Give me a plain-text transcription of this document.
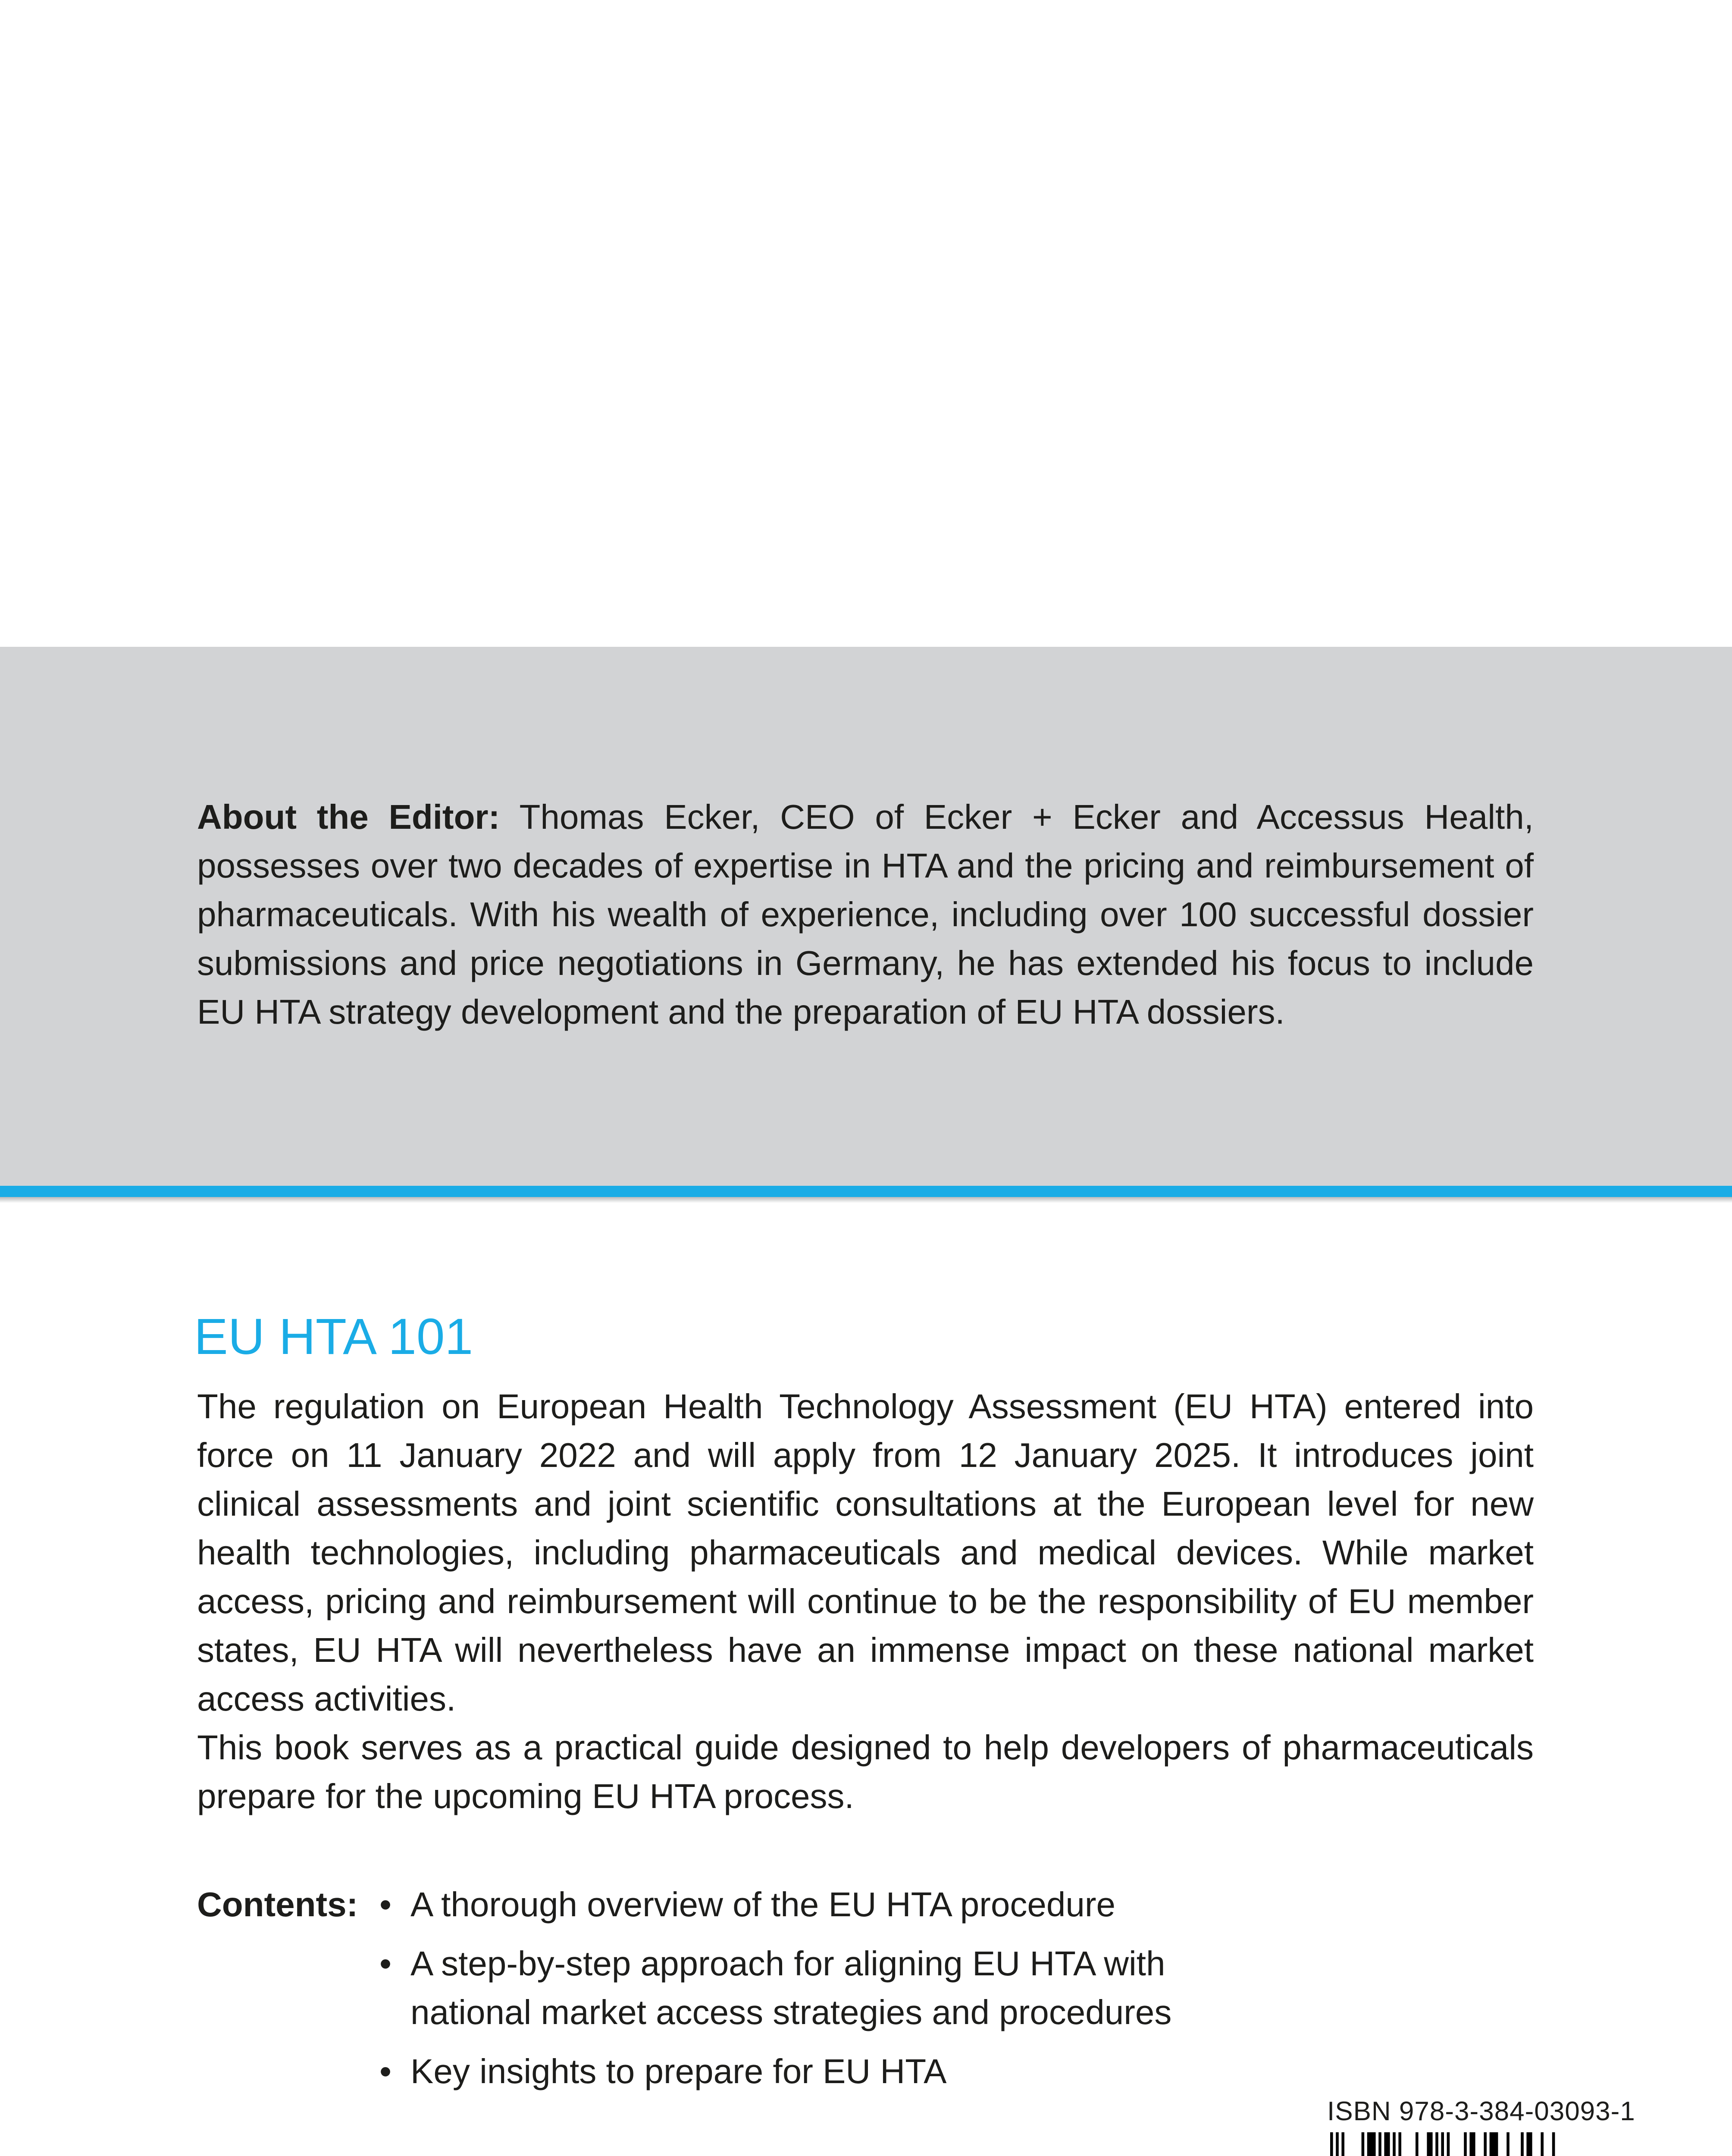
About the Editor: Thomas Ecker, CEO of Ecker + Ecker and Accessus Health, possesses over two decades of expertise in HTA and the pricing and reimbursement of pharmaceuticals. With his wealth of experience, including over 100 successful dossier submissions and price negotiations in Germany, he has extended his focus to include EU HTA strategy development and the preparation of EU HTA dossiers.

EU HTA 101

The regulation on European Health Technology Assessment (EU HTA) entered into force on 11 January 2022 and will apply from 12 January 2025. It introduces joint clinical assessments and joint scientific consultations at the European level for new health technologies, including pharmaceuticals and medical devices. While market access, pricing and reimbursement will continue to be the responsibility of EU member states, EU HTA will nevertheless have an immense impact on these national market access activities.

This book serves as a practical guide designed to help developers of pharmaceuticals prepare for the upcoming EU HTA process.

Contents: • A thorough overview of the EU HTA procedure
• A step-by-step approach for aligning EU HTA with national market access strategies and procedures
• Key insights to prepare for EU HTA

ISBN 978-3-384-03093-1
